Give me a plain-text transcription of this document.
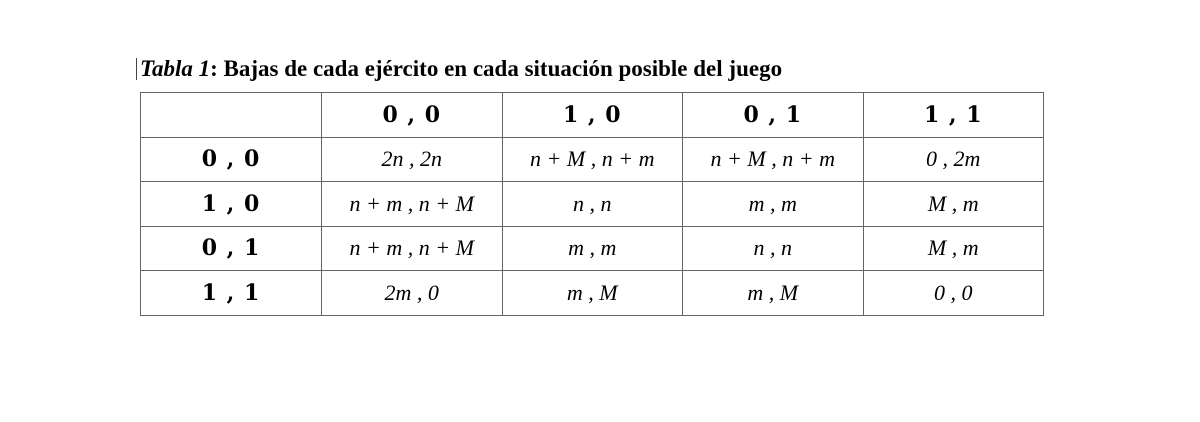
Tabla 1: Bajas de cada ejército en cada situación posible del juego
	0 , 0	1 , 0	0 , 1	1 , 1
0 , 0	2n , 2n	n + M , n + m	n + M , n + m	0 , 2m
1 , 0	n + m , n + M	n , n	m , m	M , m
0 , 1	n + m , n + M	m , m	n , n	M , m
1 , 1	2m , 0	m , M	m , M	0 , 0
